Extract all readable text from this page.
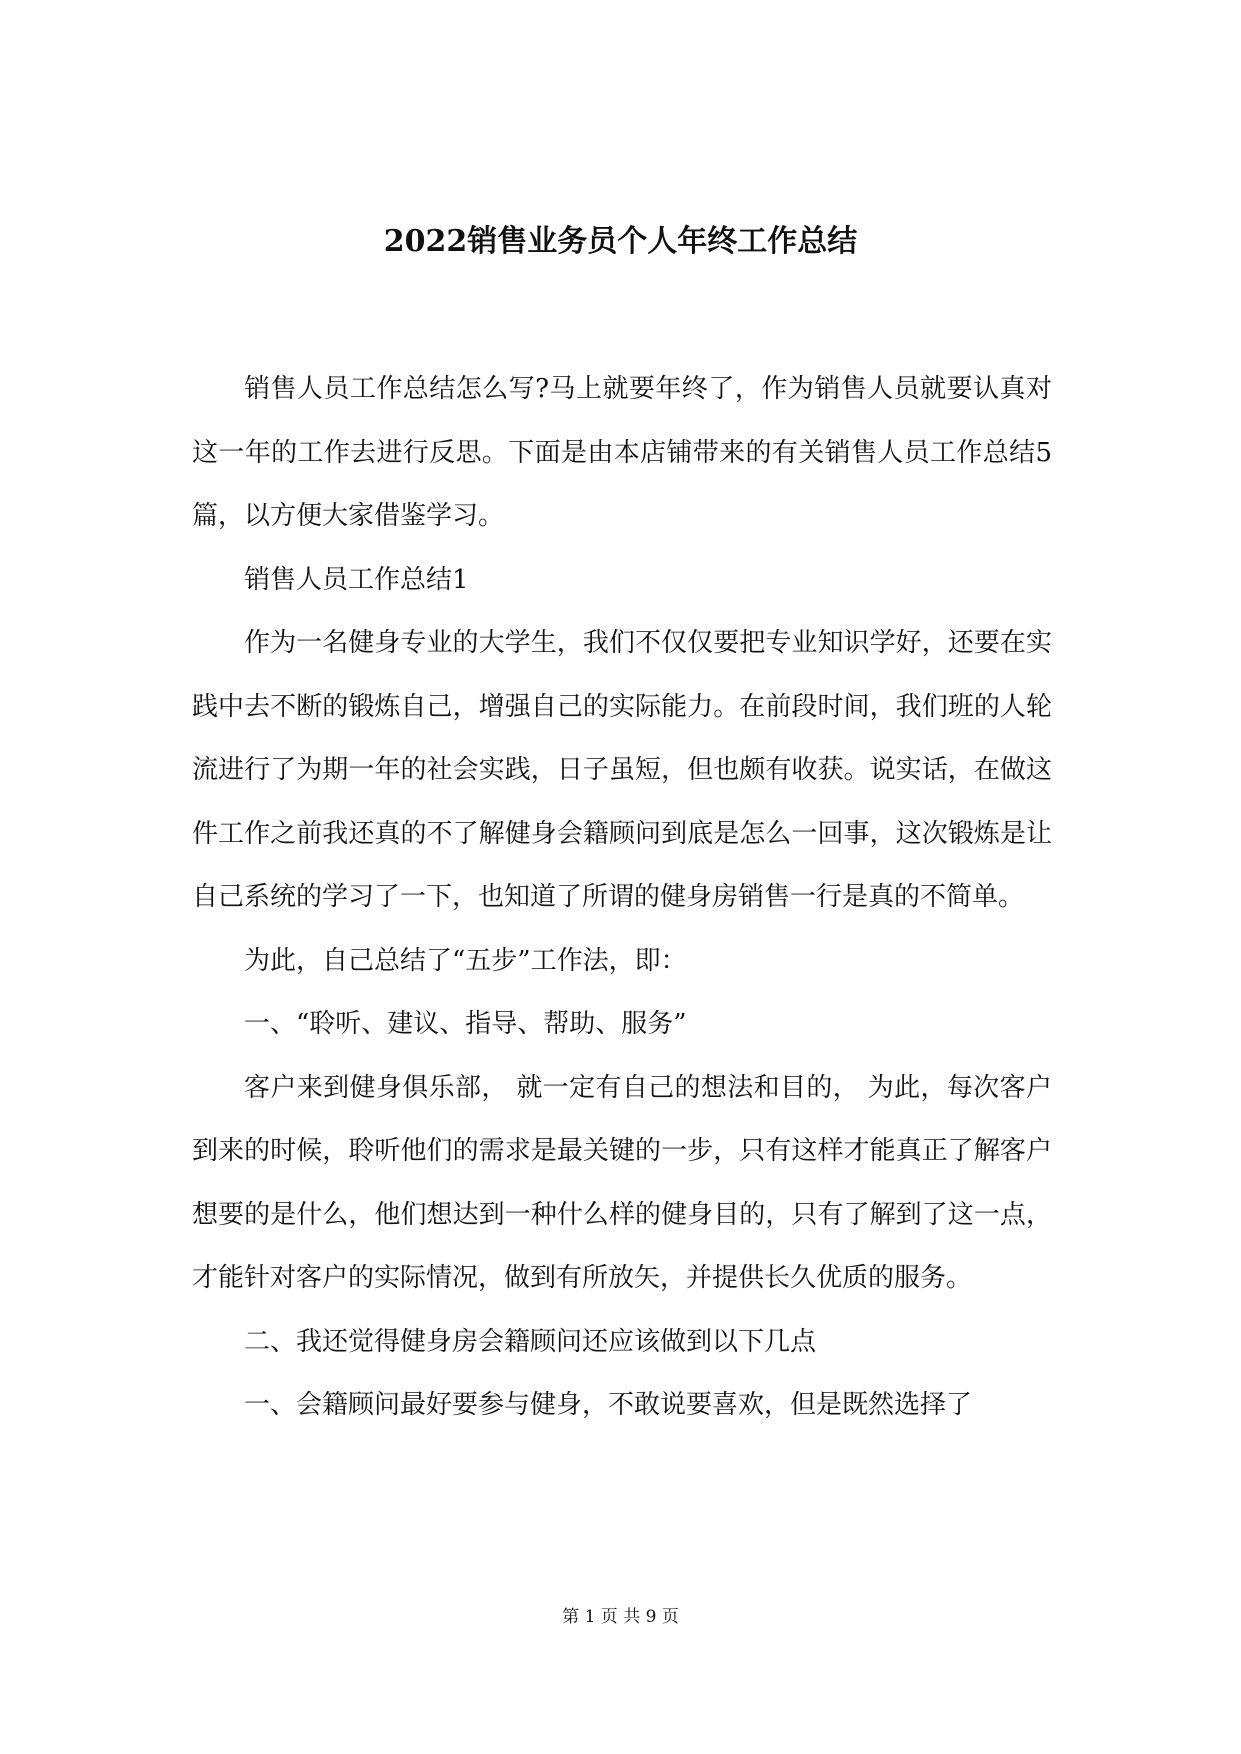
2022销售业务员个人年终工作总结

销售人员工作总结怎么写?马上就要年终了，作为销售人员就要认真对这一年的工作去进行反思。下面是由本店铺带来的有关销售人员工作总结5篇，以方便大家借鉴学习。

销售人员工作总结1

作为一名健身专业的大学生，我们不仅仅要把专业知识学好，还要在实践中去不断的锻炼自己，增强自己的实际能力。在前段时间，我们班的人轮流进行了为期一年的社会实践，日子虽短，但也颇有收获。说实话，在做这件工作之前我还真的不了解健身会籍顾问到底是怎么一回事，这次锻炼是让自己系统的学习了一下，也知道了所谓的健身房销售一行是真的不简单。

为此，自己总结了“五步”工作法，即：

一、“聆听、建议、指导、帮助、服务”

客户来到健身俱乐部， 就一定有自己的想法和目的， 为此，每次客户到来的时候，聆听他们的需求是最关键的一步，只有这样才能真正了解客户想要的是什么，他们想达到一种什么样的健身目的，只有了解到了这一点，才能针对客户的实际情况，做到有所放矢，并提供长久优质的服务。

二、我还觉得健身房会籍顾问还应该做到以下几点

一、会籍顾问最好要参与健身，不敢说要喜欢，但是既然选择了

第 1 页 共 9 页
